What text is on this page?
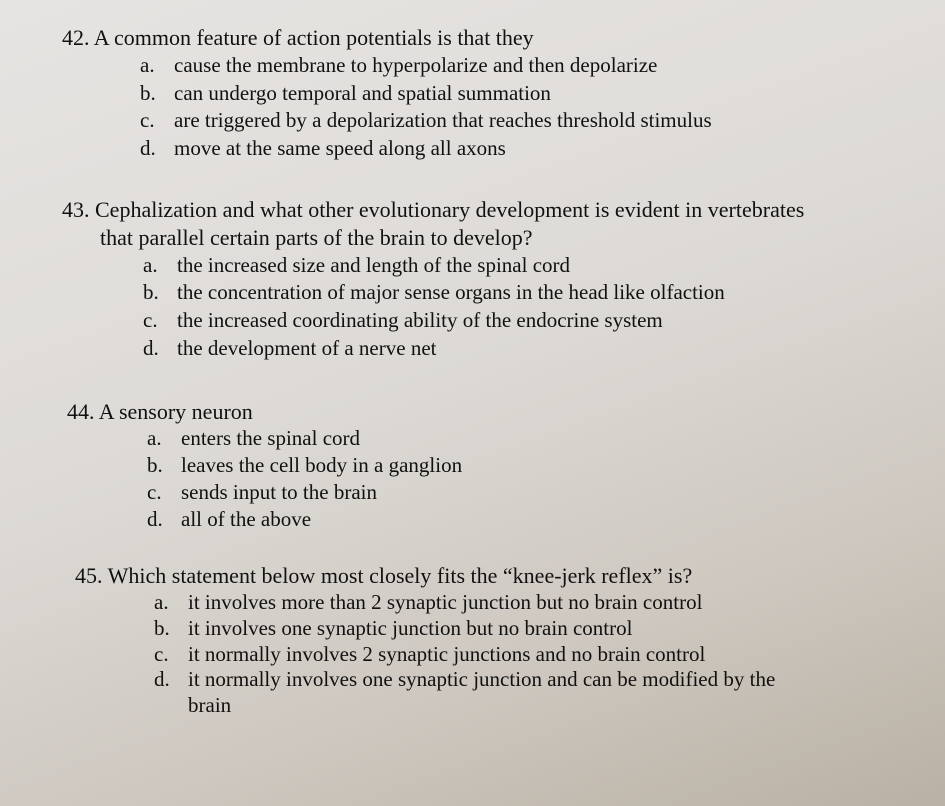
42. A common feature of action potentials is that they
a. cause the membrane to hyperpolarize and then depolarize
b. can undergo temporal and spatial summation
c. are triggered by a depolarization that reaches threshold stimulus
d. move at the same speed along all axons
43. Cephalization and what other evolutionary development is evident in vertebrates
that parallel certain parts of the brain to develop?
a. the increased size and length of the spinal cord
b. the concentration of major sense organs in the head like olfaction
c. the increased coordinating ability of the endocrine system
d. the development of a nerve net
44. A sensory neuron
a. enters the spinal cord
b. leaves the cell body in a ganglion
c. sends input to the brain
d. all of the above
45. Which statement below most closely fits the “knee-jerk reflex” is?
a. it involves more than 2 synaptic junction but no brain control
b. it involves one synaptic junction but no brain control
c. it normally involves 2 synaptic junctions and no brain control
d. it normally involves one synaptic junction and can be modified by the
brain
